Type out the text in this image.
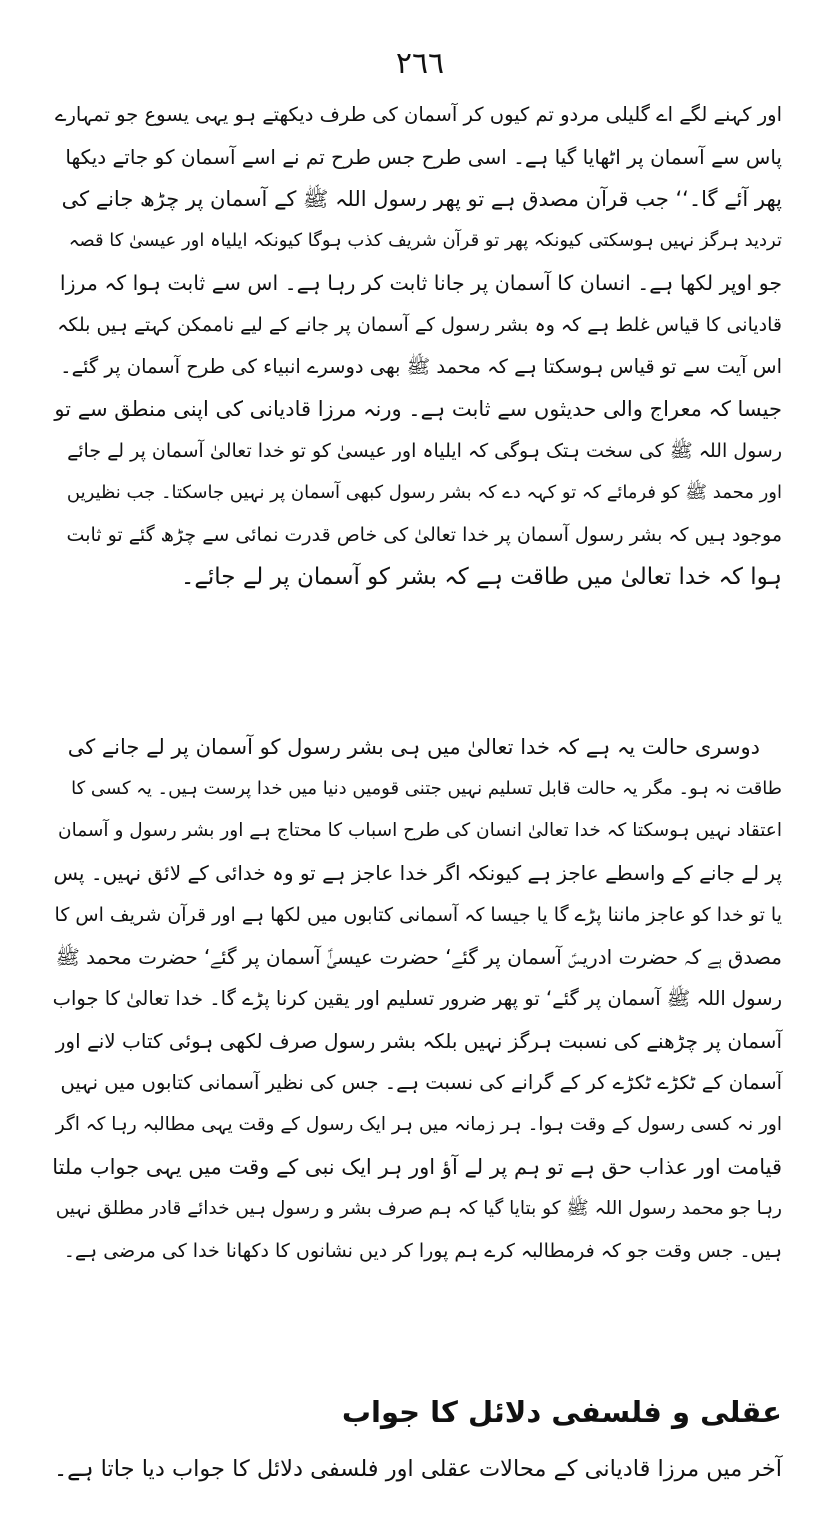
۲٦٦
اور کہنے لگے اے گلیلی مردو تم کیوں کر آسمان کی طرف دیکھتے ہو یہی یسوع جو تمہارے
پاس سے آسمان پر اٹھایا گیا ہے۔ اسی طرح جس طرح تم نے اسے آسمان کو جاتے دیکھا
پھر آئے گا۔‘‘ جب قرآن مصدق ہے تو پھر رسول اللہ ﷺ کے آسمان پر چڑھ جانے کی
تردید ہرگز نہیں ہوسکتی کیونکہ پھر تو قرآن شریف کذب ہوگا کیونکہ ایلیاہ اور عیسیٰ کا قصہ
جو اوپر لکھا ہے۔ انسان کا آسمان پر جانا ثابت کر رہا ہے۔ اس سے ثابت ہوا کہ مرزا
قادیانی کا قیاس غلط ہے کہ وہ بشر رسول کے آسمان پر جانے کے لیے ناممکن کہتے ہیں بلکہ
اس آیت سے تو قیاس ہوسکتا ہے کہ محمد ﷺ بھی دوسرے انبیاء کی طرح آسمان پر گئے۔
جیسا کہ معراج والی حدیثوں سے ثابت ہے۔ ورنہ مرزا قادیانی کی اپنی منطق سے تو
رسول اللہ ﷺ کی سخت ہتک ہوگی کہ ایلیاہ اور عیسیٰ کو تو خدا تعالیٰ آسمان پر لے جائے
اور محمد ﷺ کو فرمائے کہ تو کہہ دے کہ بشر رسول کبھی آسمان پر نہیں جاسکتا۔ جب نظیریں
موجود ہیں کہ بشر رسول آسمان پر خدا تعالیٰ کی خاص قدرت نمائی سے چڑھ گئے تو ثابت
ہوا کہ خدا تعالیٰ میں طاقت ہے کہ بشر کو آسمان پر لے جائے۔
دوسری حالت یہ ہے کہ خدا تعالیٰ میں ہی بشر رسول کو آسمان پر لے جانے کی
طاقت نہ ہو۔ مگر یہ حالت قابل تسلیم نہیں جتنی قومیں دنیا میں خدا پرست ہیں۔ یہ کسی کا
اعتقاد نہیں ہوسکتا کہ خدا تعالیٰ انسان کی طرح اسباب کا محتاج ہے اور بشر رسول و آسمان
پر لے جانے کے واسطے عاجز ہے کیونکہ اگر خدا عاجز ہے تو وہ خدائی کے لائق نہیں۔ پس
یا تو خدا کو عاجز ماننا پڑے گا یا جیسا کہ آسمانی کتابوں میں لکھا ہے اور قرآن شریف اس کا
مصدق ہے کہ حضرت ادریسؑ آسمان پر گئے‘ حضرت عیسیٰؑ آسمان پر گئے‘ حضرت محمد ﷺ
رسول اللہ ﷺ آسمان پر گئے‘ تو پھر ضرور تسلیم اور یقین کرنا پڑے گا۔ خدا تعالیٰ کا جواب
آسمان پر چڑھنے کی نسبت ہرگز نہیں بلکہ بشر رسول صرف لکھی ہوئی کتاب لانے اور
آسمان کے ٹکڑے ٹکڑے کر کے گرانے کی نسبت ہے۔ جس کی نظیر آسمانی کتابوں میں نہیں
اور نہ کسی رسول کے وقت ہوا۔ ہر زمانہ میں ہر ایک رسول کے وقت یہی مطالبہ رہا کہ اگر
قیامت اور عذاب حق ہے تو ہم پر لے آؤ اور ہر ایک نبی کے وقت میں یہی جواب ملتا
رہا جو محمد رسول اللہ ﷺ کو بتایا گیا کہ ہم صرف بشر و رسول ہیں خدائے قادر مطلق نہیں
ہیں۔ جس وقت جو کہ فرمطالبہ کرے ہم پورا کر دیں نشانوں کا دکھانا خدا کی مرضی ہے۔
عقلی و فلسفی دلائل کا جواب
آخر میں مرزا قادیانی کے محالات عقلی اور فلسفی دلائل کا جواب دیا جاتا ہے۔
